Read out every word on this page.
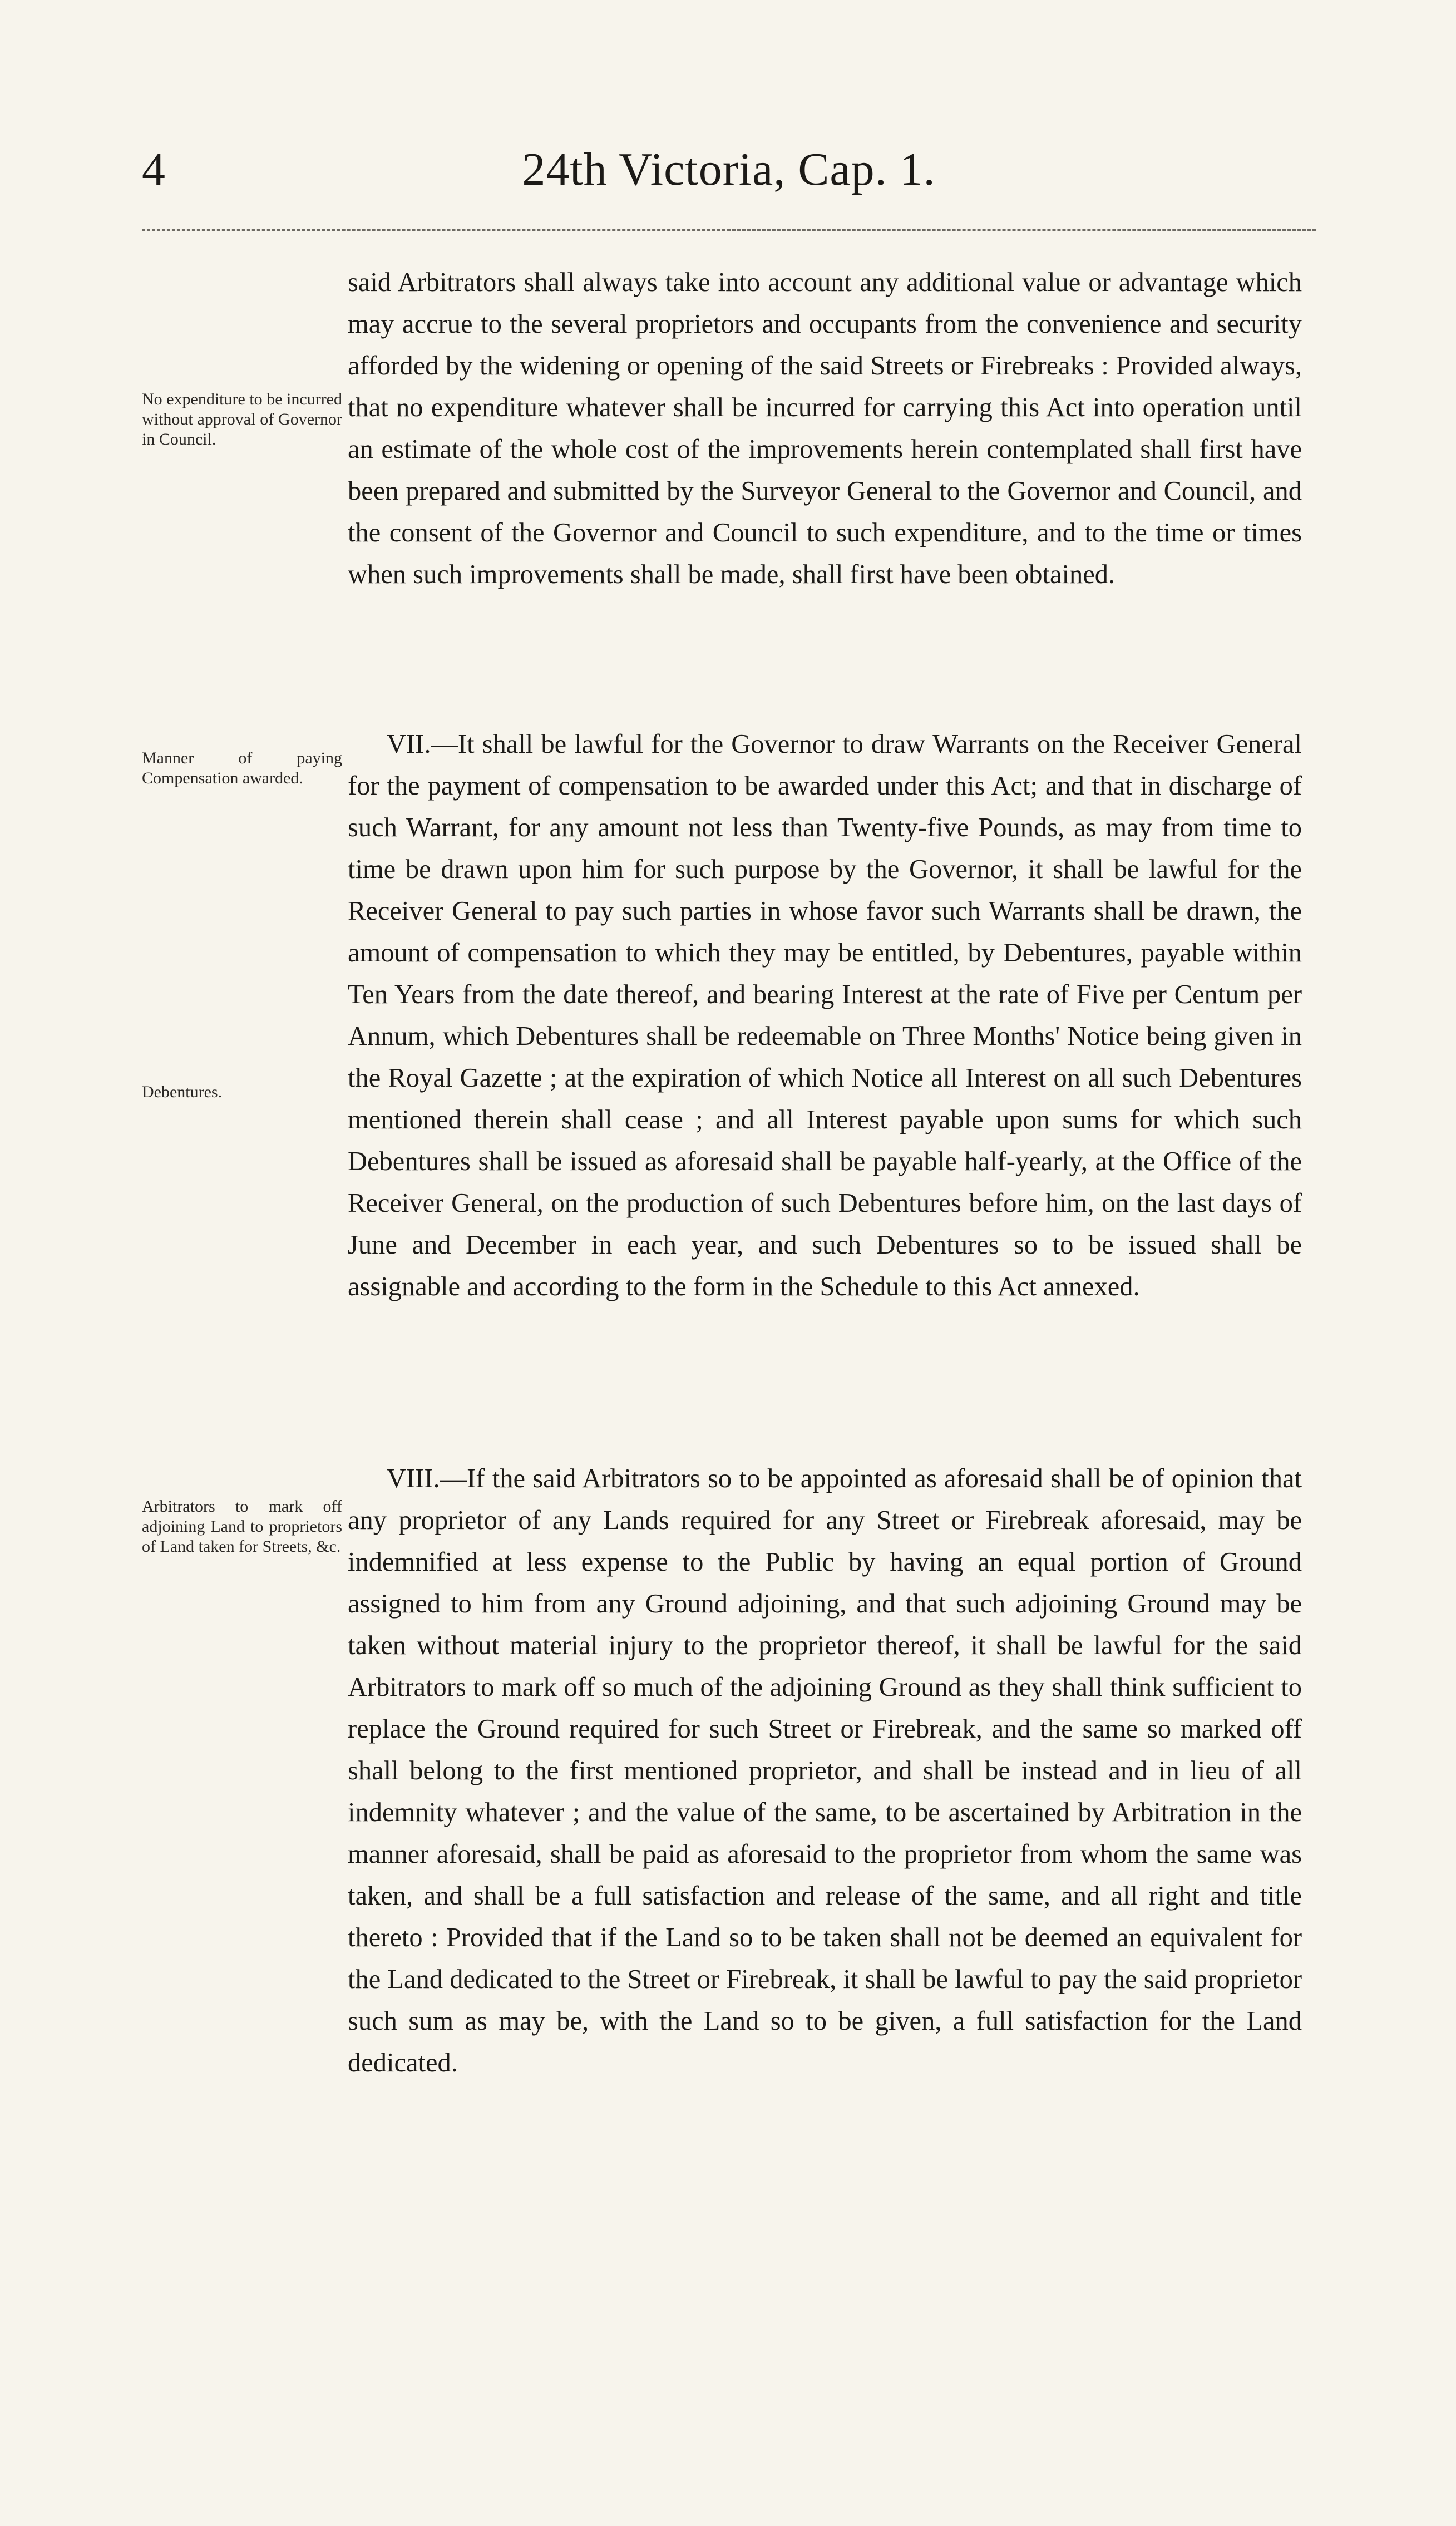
4	24th Victoria, Cap. 1.
No expenditure to be incurred without approval of Governor in Council.
Manner of paying Compensation awarded.
Debentures.
Arbitrators to mark off adjoining Land to proprietors of Land taken for Streets, &c.

said Arbitrators shall always take into account any additional value or advantage which may accrue to the several proprietors and occupants from the convenience and security afforded by the widening or opening of the said Streets or Firebreaks : Provided always, that no expenditure whatever shall be incurred for carrying this Act into operation until an estimate of the whole cost of the improvements herein contemplated shall first have been prepared and submitted by the Surveyor General to the Governor and Council, and the consent of the Governor and Council to such expenditure, and to the time or times when such improvements shall be made, shall first have been obtained.

VII.—It shall be lawful for the Governor to draw Warrants on the Receiver General for the payment of compensation to be awarded under this Act; and that in discharge of such Warrant, for any amount not less than Twenty-five Pounds, as may from time to time be drawn upon him for such purpose by the Governor, it shall be lawful for the Receiver General to pay such parties in whose favor such Warrants shall be drawn, the amount of compensation to which they may be entitled, by Debentures, payable within Ten Years from the date thereof, and bearing Interest at the rate of Five per Centum per Annum, which Debentures shall be redeemable on Three Months' Notice being given in the Royal Gazette ; at the expiration of which Notice all Interest on all such Debentures mentioned therein shall cease ; and all Interest payable upon sums for which such Debentures shall be issued as aforesaid shall be payable half-yearly, at the Office of the Receiver General, on the production of such Debentures before him, on the last days of June and December in each year, and such Debentures so to be issued shall be assignable and according to the form in the Schedule to this Act annexed.

VIII.—If the said Arbitrators so to be appointed as aforesaid shall be of opinion that any proprietor of any Lands required for any Street or Firebreak aforesaid, may be indemnified at less expense to the Public by having an equal portion of Ground assigned to him from any Ground adjoining, and that such adjoining Ground may be taken without material injury to the proprietor thereof, it shall be lawful for the said Arbitrators to mark off so much of the adjoining Ground as they shall think sufficient to replace the Ground required for such Street or Firebreak, and the same so marked off shall belong to the first mentioned proprietor, and shall be instead and in lieu of all indemnity whatever ; and the value of the same, to be ascertained by Arbitration in the manner aforesaid, shall be paid as aforesaid to the proprietor from whom the same was taken, and shall be a full satisfaction and release of the same, and all right and title thereto : Provided that if the Land so to be taken shall not be deemed an equivalent for the Land dedicated to the Street or Firebreak, it shall be lawful to pay the said proprietor such sum as may be, with the Land so to be given, a full satisfaction for the Land dedicated.
